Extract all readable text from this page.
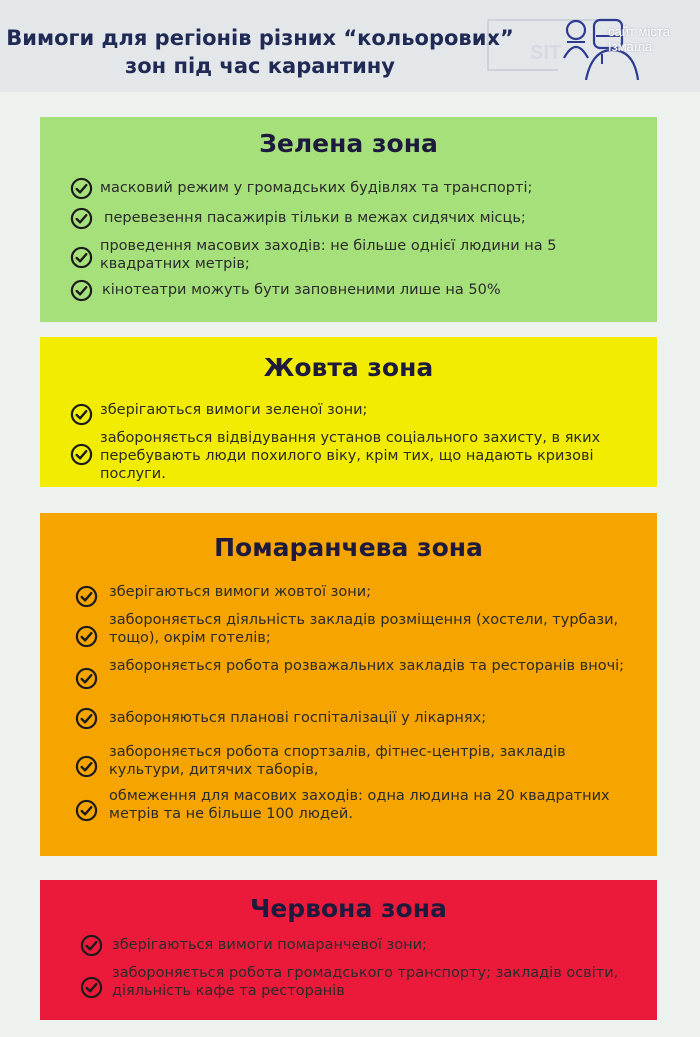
Вимоги для регіонів різних “кольорових”
зон під час карантину
SIT
сайт міста
Ізмаїла
Зелена зона
масковий режим у громадських будівлях та транспорті;
перевезення пасажирів тільки в межах сидячих місць;
проведення масових заходів: не більше однієї людини на 5 квадратних метрів;
кінотеатри можуть бути заповненими лише на 50%
Жовта зона
зберігаються вимоги зеленої зони;
забороняється відвідування установ соціального захисту, в яких перебувають люди похилого віку, крім тих, що надають кризові послуги.
Помаранчева зона
зберігаються вимоги жовтої зони;
забороняється діяльність закладів розміщення (хостели, турбази, тощо), окрім готелів;
забороняється робота розважальних закладів та ресторанів вночі;
забороняються планові госпіталізації у лікарнях;
забороняється робота спортзалів, фітнес-центрів, закладів культури, дитячих таборів,
обмеження для масових заходів: одна людина на 20 квадратних метрів та не більше 100 людей.
Червона зона
зберігаються вимоги помаранчевої зони;
забороняється робота громадського транспорту; закладів освіти, діяльність кафе та ресторанів
